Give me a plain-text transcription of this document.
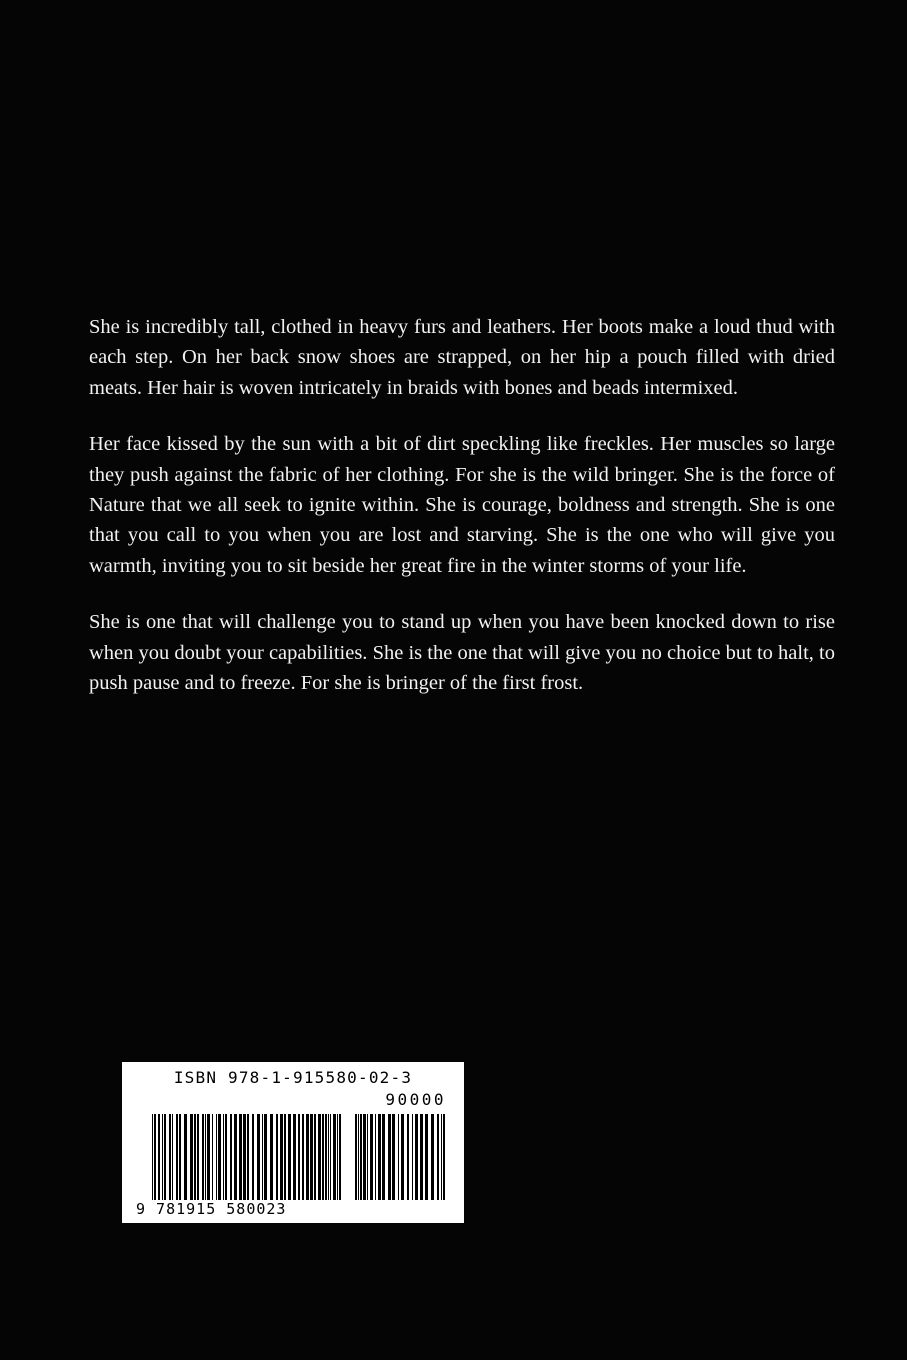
She is incredibly tall, clothed in heavy furs and leathers. Her boots make a loud thud with each step. On her back snow shoes are strapped, on her hip a pouch filled with dried meats. Her hair is woven intricately in braids with bones and beads intermixed.

Her face kissed by the sun with a bit of dirt speckling like freckles. Her muscles so large they push against the fabric of her clothing. For she is the wild bringer. She is the force of Nature that we all seek to ignite within. She is courage, boldness and strength. She is one that you call to you when you are lost and starving. She is the one who will give you warmth, inviting you to sit beside her great fire in the winter storms of your life.

She is one that will challenge you to stand up when you have been knocked down to rise when you doubt your capabilities. She is the one that will give you no choice but to halt, to push pause and to freeze. For she is bringer of the first frost.

ISBN 978-1-915580-02-3
90000
9 781915 580023
